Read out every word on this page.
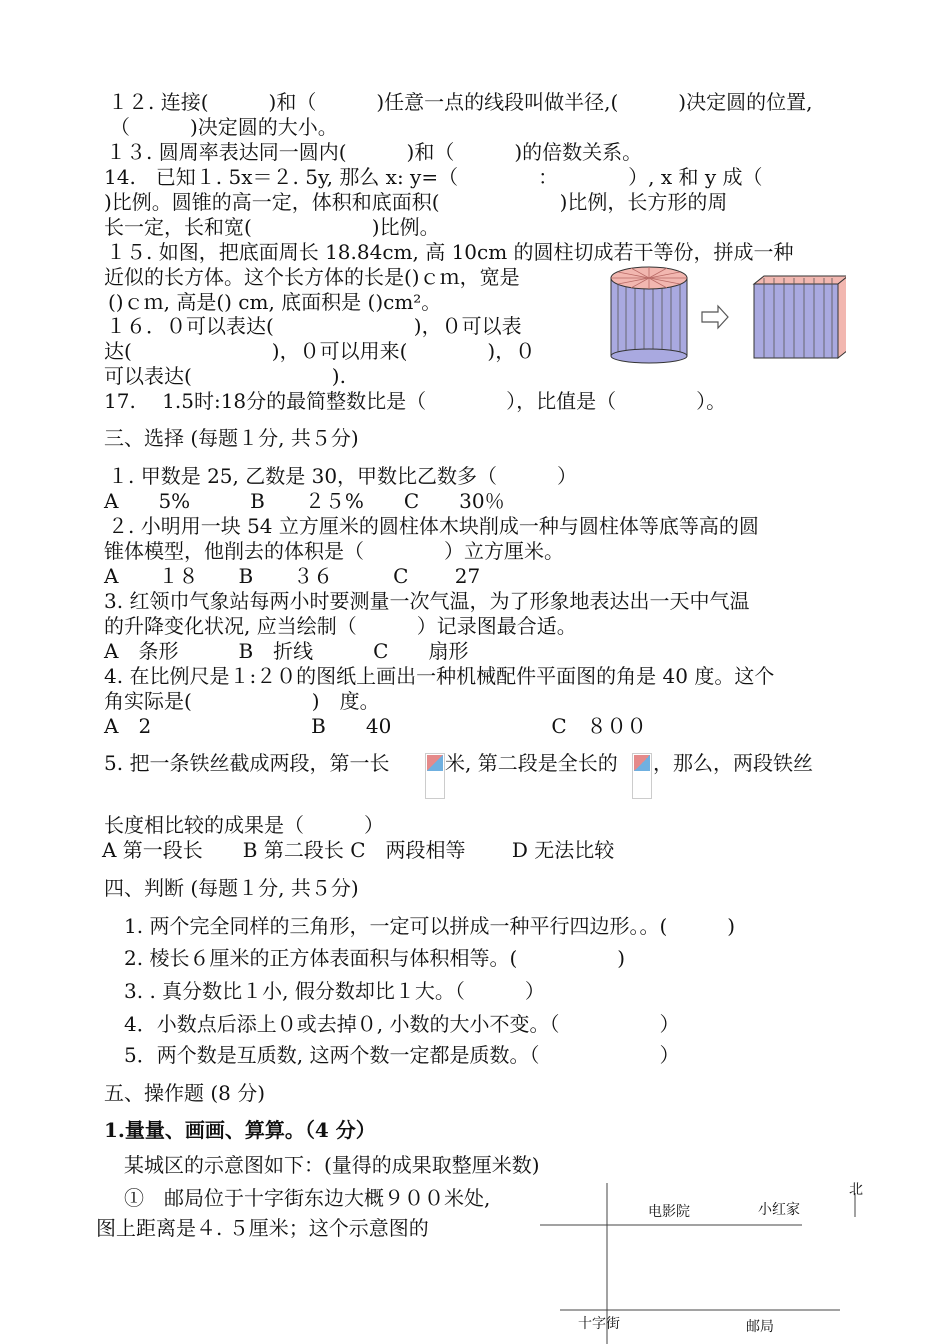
１２. 连接(　　　)和（　　　)任意一点的线段叫做半径,(　　　)决定圆的位置,
（　　　)决定圆的大小。
１３. 圆周率表达同一圆内(　　　)和（　　　)的倍数关系。
14.　已知１. 5x＝２. 5y, 那么 x: y=（　　　　：　　　　）, x 和 y 成（
)比例。圆锥的高一定，体积和底面积(　　　　　　)比例，长方形的周
长一定，长和宽(　　　　　　)比例。
１５. 如图，把底面周长 18.84cm, 高 10cm 的圆柱切成若干等份，拼成一种
近似的长方体。这个长方体的长是()ｃｍ，宽是
()ｃｍ, 高是() cm, 底面积是 ()cm²。
１６．０可以表达(　　　　　　　)，０可以表
达(　　　　　　　)，０可以用来(　　　　)，０
可以表达(　　　　　　　).
17.　 1.5时:18分的最简整数比是（　　　　），比值是（　　　　）。
三、选择 (每题１分, 共５分)
１. 甲数是 25, 乙数是 30，甲数比乙数多（　　　）
A　　5%　　　B　　２５%　　C　　30％
２. 小明用一块 54 立方厘米的圆柱体木块削成一种与圆柱体等底等高的圆
锥体模型，他削去的体积是（　　　　）立方厘米。
A　　１８　　B　　３６　　　C　　 27
3. 红领巾气象站每两小时要测量一次气温，为了形象地表达出一天中气温
的升降变化状况, 应当绘制（　　　）记录图最合适。
A　条形　　　B　折线　　　C　　扇形
4. 在比例尺是１:２０的图纸上画出一种机械配件平面图的角是 40 度。这个
角实际是(　　　　　　)　度。
A　2　　　　　　　　B　　40　　　　　　　　C　８００
5. 把一条铁丝截成两段，第一长	米, 第二段是全长的 ，那么，两段铁丝
长度相比较的成果是（　　　）
A 第一段长　　B 第二段长 C　两段相等　　 D 无法比较
四、判断 (每题１分, 共５分)
　1. 两个完全同样的三角形，一定可以拼成一种平行四边形。。(　　　)
　2. 棱长６厘米的正方体表面积与体积相等。(　　　　　)
　3. . 真分数比１小, 假分数却比１大。（　　　）
　4．小数点后添上０或去掉０, 小数的大小不变。（　　　　　）
　5．两个数是互质数, 这两个数一定都是质数。（　　　　　　）
五、操作题 (8 分)
1.量量、画画、算算。（4 分）
　某城区的示意图如下：(量得的成果取整厘米数)
　①　邮局位于十字街东边大概９００米处,
图上距离是４. ５厘米；这个示意图的
北
电影院	小红家
十字街	邮局
